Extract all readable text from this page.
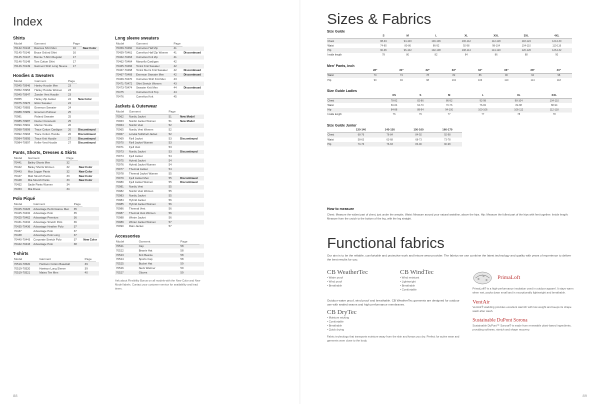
Index
Shirts
Model	Garment	Page	
70142-70143	Rasmus Shirt Men	16	New Color
70145-70146	Bruce Oxford Shirt	16	
70145-70147	Bonnie T-Shirt Regular	17	
70146-70148	Tom Cotton Shirt	17	
70146-70149	Garment Shirt Long Sleeve	17	
Hoodies & Sweaters
Model	Garment	Page	
70945-70946	Harley Hoodie Men	23	
70952-70953	Harley Hoodie Women	23	
70945-70947	Zander Vest Hoodie	23	
70955	Harley Zip Jacket	24	New Color
70975-70976	Elton Sweater	24	
70982-70983	Emerson Sweater	24	
70988-70989	Emerson Pullover	25	
70981	Roland Sweater	25	
70985-70987	Dexter Crewneck	25	
70990-70991	Marlon Hoodie	26	
70998-70999	Trace Cotton Cardigan	26	Discontinued
70992-70993	Trace Cotton Hoodie	26	Discontinued
70994-70995	Trace Knit Hoodie	27	Discontinued
70984-70997	Keller Vest Hoodie	27	Discontinued
Pants, Shorts, Dresses & Skirts
Model	Garment	Page	
70441	Bailey Shorts Men	32	
70442	Bailey Shorts Women	32	New Color
70443	Max Jogger Pants	32	New Color
70447	Matt Stretch Pants	33	New Color
70448	Mia Stretch Pants	33	New Color
70452	Sadie Pants Women	34	
70453	Mia Dress	34	
Polo Piqué
Model	Garment	Page	
70425-70426	Advantage Performance Men	35	
70425-70432	Advantage Polo	35	
70425-70462	Advantage Premium	36	
70431-70434	Advantage Stretch Polo	36	
70435-70436	Advantage Heather Polo	37	
70437	Advantage Polo	37	
70438	Advantage Polo Long	37	
70440-70443	Corporate Stretch Polo	37	New Color
70442-70443	Advantage Polo	38	
T-shirts
Model	Garment	Page	
70519-70520	Harrison Cotton Baseball	39	
70519-70520	Harrison Long Sleeve	39	
70519-70521	Mateo Tee Men	40	
Long sleeve sweaters
Model	Garment	Page	
70459-70460	Cornelius Half Zip	41	
70459-70461	Cornelius Half Zip Women	41	Discontinued
70462-70463	Cornelius Knit Zip	41	
70462-70464	Marcello Cardigan	42	
70465-70466	Tonini Knit Sweater	42	
70467-70468	Tonini Men's Knit Sweater	42	Discontinued
70467-70469	Emerson Sweater Men	42	Discontinued
70469-70470	Cornelius Shirt Knit Men	43	
70471-70472	Shirt Stretch Women	43	
70473-70474	Sweater Knit Men	44	Discontinued
70475	Cornelius Knit Top	44	
70476	Cornelius Knit	45	
Jackets & Outerwear
Model	Garment	Page	
70962	Nordic Jacket	51	New Model
70963	Nordic Jacket Women	51	New Model
70964	Nordic Vest	52	
70965	Nordic Vest Women	52	
70967	Lorelai Softshell Jacket	52	
70969	Fjell Jacket	53	Discontinued
70970	Fjell Jacket Women	53	
70971	Fjell Vest	53	
70973	Nordic Jacket	53	Discontinued
70974	Fjell Jacket	54	
70975	Hybrid Jacket	54	
70976	Hybrid Jacket Women	54	
70977	Thermal Jacket	54	
70978	Thermal Jacket Women	55	
70979	Fjell Jacket Men	55	Discontinued
70980	Fjell Jacket Women	55	Discontinued
70981	Nordic Vest	55	
70982	Nordic Vest Women	55	
70983	Nordic Jacket	55	
70984	Hybrid Jacket	56	
70985	Hybrid Jacket Women	56	
70986	Thermal Vest	56	
70987	Thermal Vest Women	56	
70988	Winter Jacket	56	
70989	Winter Jacket Women	57	
70990	Rain Jacket	57	
Accessories
Model	Garment	Page	
70521	Cap	58	
70522	Beanie Hat	58	
70523	Knit Beanie	58	
70524	Sports Cap	58	
70525	Bucket Hat	59	
70526	Neck Warmer	59	
70527	Gloves	59	
Ask about Flexibility Bonus on all models with the New Color and New Model labels. Contact your customer service for availability and lead times.
88
Sizes & Fabrics
Size Guide
	S	M	L	XL	XXL	3XL	4XL
Chest	88-94	94-100	100-106	106-112	112-118	118-124	124-130
Waist	74-80	80-86	86-92	92-98	98-104	104-110	110-116
Hip	90-96	96-102	102-108	108-114	114-120	120-126	126-132
Inside length	78	80	82	84	86	88	90
Men' Pants, inch
	28"	30"	32"	33"	34"	36"	38"	40"
Waist	70	74	78	82	86	90	94	98
Hip	90	94	98	102	106	110	114	118
Size Guide Ladies
	XS	S	M	L	XL	XXL
Chest	78-82	82-86	86-92	92-98	98-104	104-110
Waist	60-64	64-70	70-76	76-82	82-88	88-94
Hip	84-88	88-94	94-100	100-106	106-112	112-118
Inside length	76	76	77	77	78	78
Size Guide Junior
	130-140	140-150	150-160	160-170
Chest	68-76	76-84	84-92	92-98
Waist	58-63	63-68	68-73	73-78
Hip	70-76	76-83	83-90	90-98
How to measure
Chest: Measure the widest part of chest, just under the armpits. Waist: Measure around your natural waistline, above the hips. Hip: Measure the fullest part of the hips with feet together. Inside length: Measure from the crotch to the bottom of the leg, with the leg straight.
Functional fabrics
Our aim is to be the reliable, comfortable and protective work and leisure wear provider. The fabrics we use combine the latest technology and quality with years of experience to deliver the best results for you.
CB WeatherTec
• Water proof
• Wind proof
• Breathable
CB WindTec
• Wind resistant
• Lightweight
• Breathable
• Comfortable
Outdoor water proof, wind proof and breathable. CB WeatherTec garments are designed for outdoor use with sealed seams and high performance membranes.
CB DryTec
• Moisture wicking
• Comfortable
• Breathable
• Quick drying
Fabric technology that transports moisture away from the skin and keeps you dry. Perfect for active wear and garments worn close to the body.
PrimaLoft
PrimaLoft® is a high-performance insulation used in outdoor apparel. It stays warm when wet, packs down small and is exceptionally lightweight and breathable.
VentAir
VentAir® wadding provides excellent warmth with low weight and keeps its shape wash after wash.
Sustainable DuPont Sorona
Sustainable DuPont™ Sorona® is made from renewable plant-based ingredients, providing softness, stretch and shape recovery.
89
